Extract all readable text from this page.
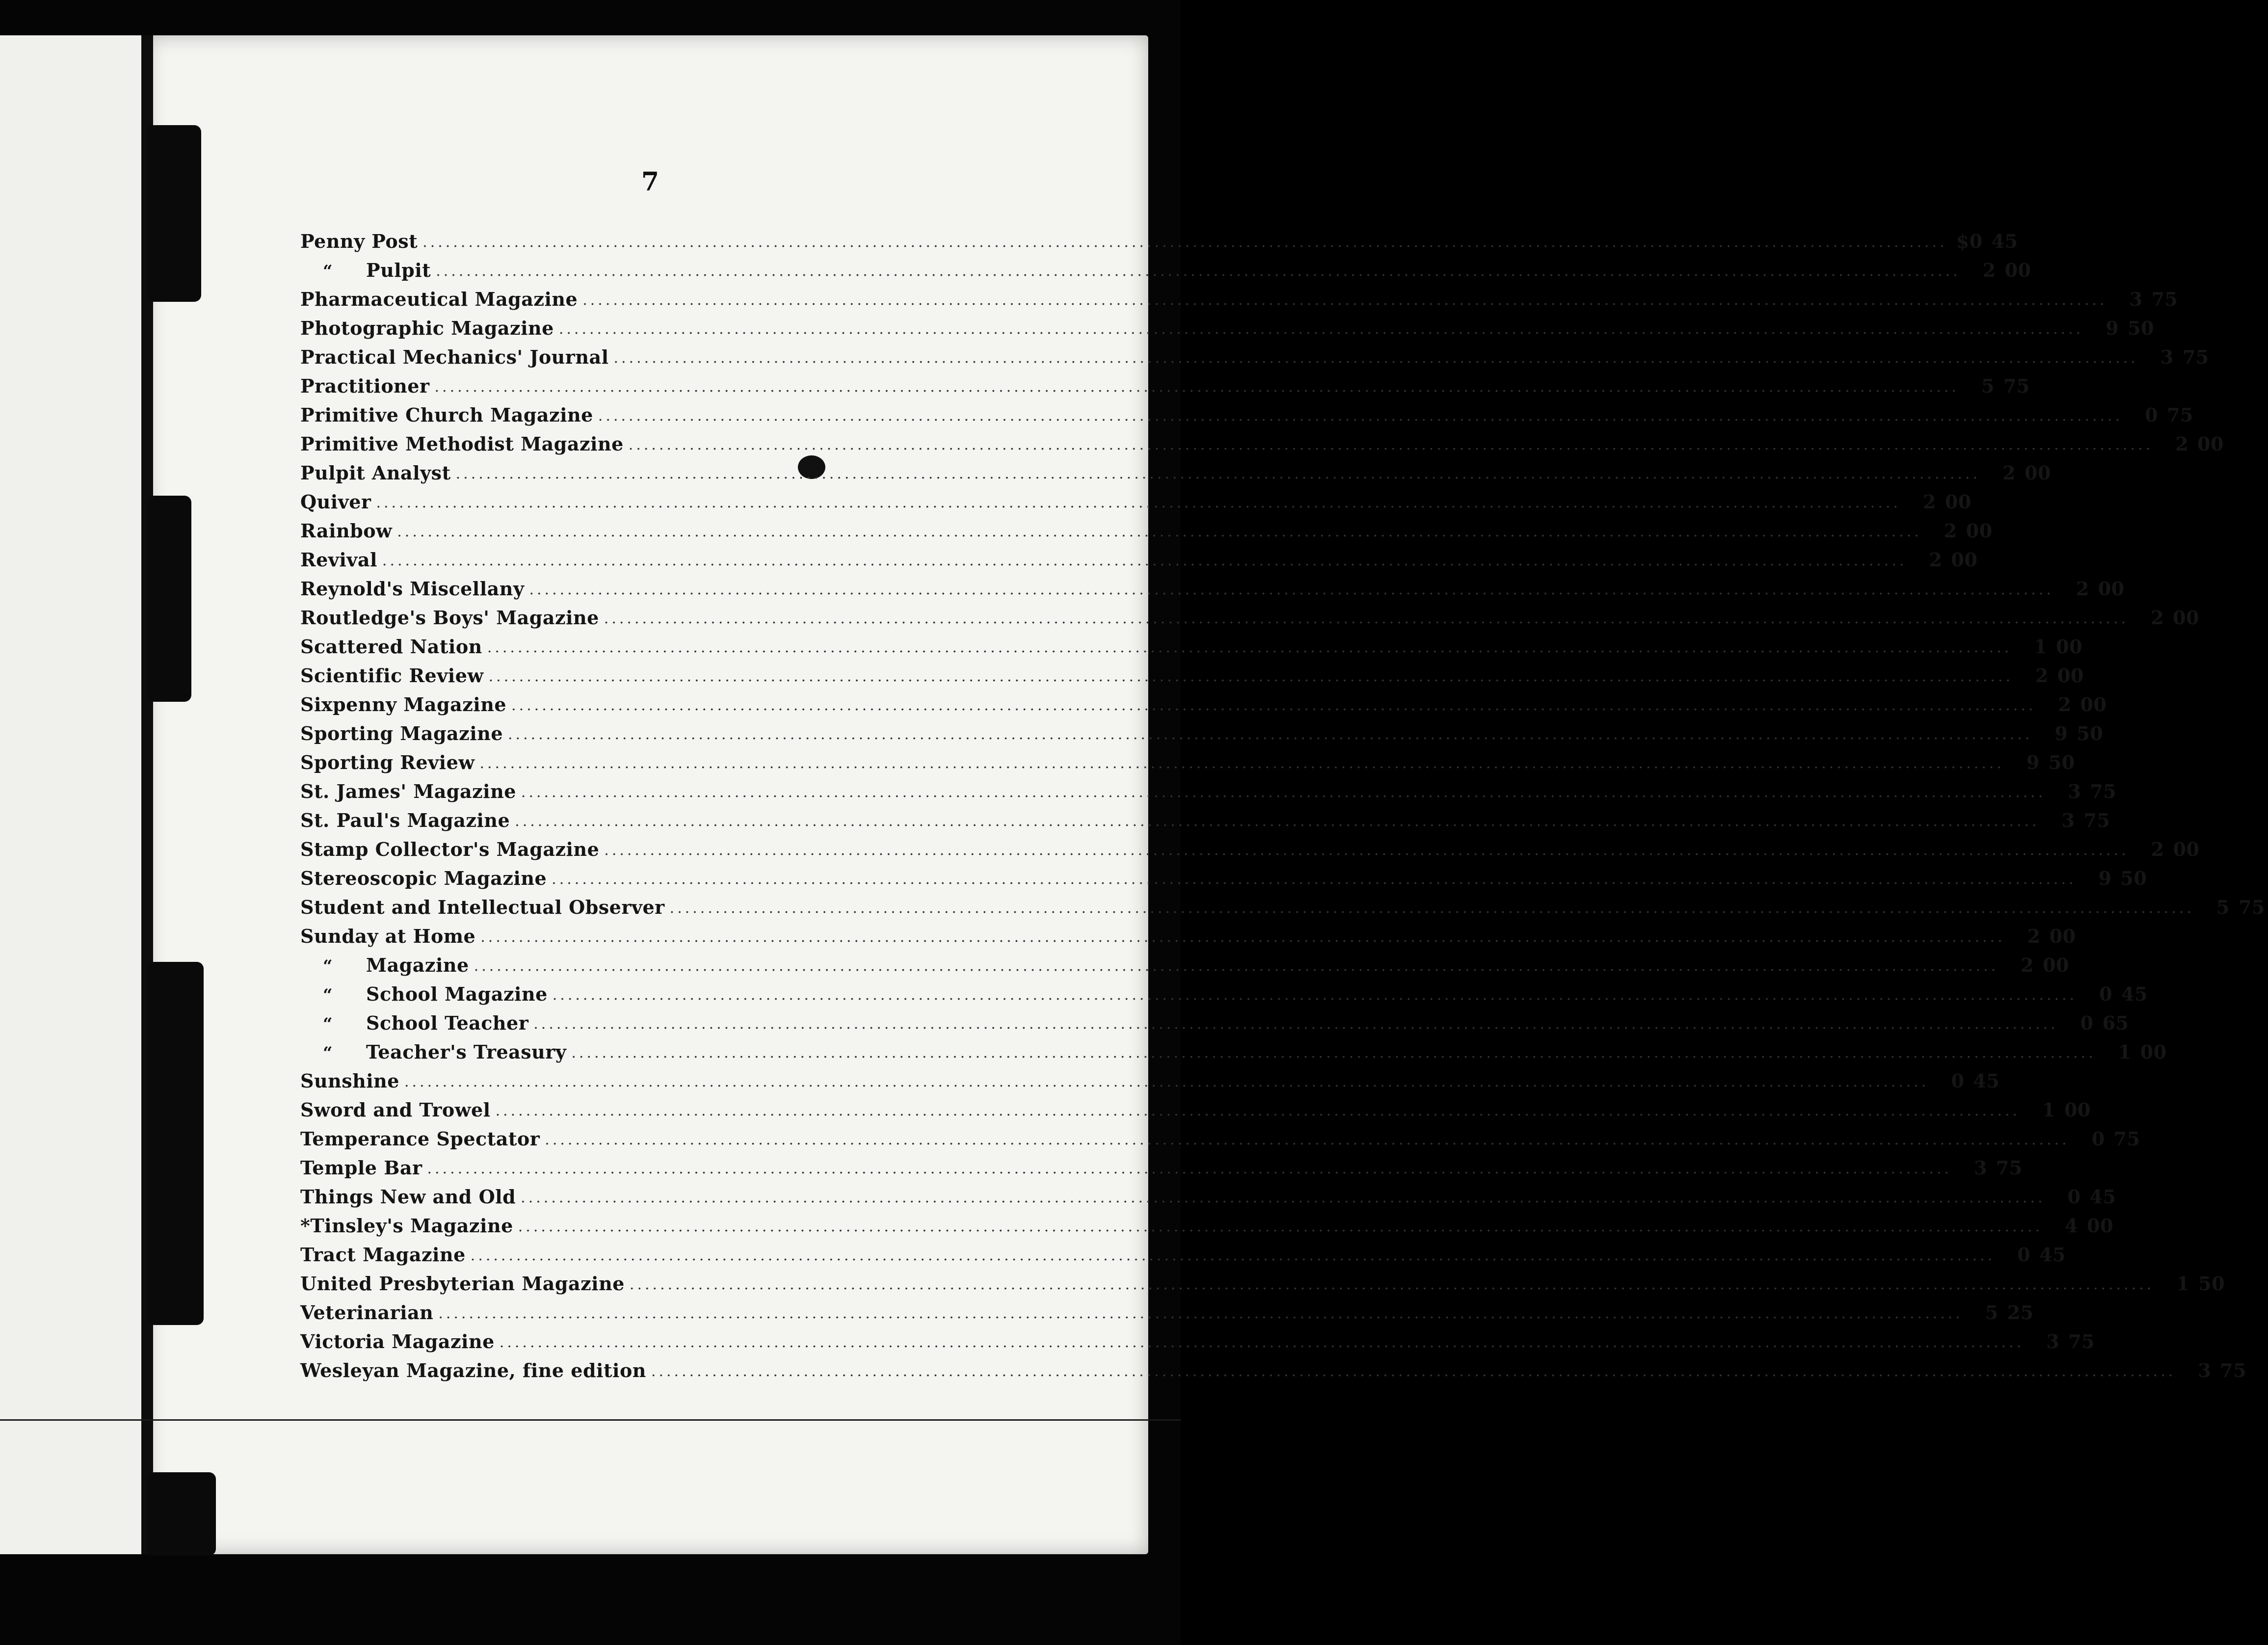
7
Penny Post ........................................................................................................................................................................................................ $0 45
“	Pulpit ........................................................................................................................................................................................................	2 00
Pharmaceutical Magazine ........................................................................................................................................................................................................	3 75
Photographic Magazine ........................................................................................................................................................................................................	9 50
Practical Mechanics' Journal ........................................................................................................................................................................................................	3 75
Practitioner ........................................................................................................................................................................................................	5 75
Primitive Church Magazine ........................................................................................................................................................................................................	0 75
Primitive Methodist Magazine ........................................................................................................................................................................................................	2 00
Pulpit Analyst ........................................................................................................................................................................................................	2 00
Quiver ........................................................................................................................................................................................................	2 00
Rainbow ........................................................................................................................................................................................................	2 00
Revival ........................................................................................................................................................................................................	2 00
Reynold's Miscellany ........................................................................................................................................................................................................	2 00
Routledge's Boys' Magazine ........................................................................................................................................................................................................	2 00
Scattered Nation ........................................................................................................................................................................................................	1 00
Scientific Review ........................................................................................................................................................................................................	2 00
Sixpenny Magazine ........................................................................................................................................................................................................	2 00
Sporting Magazine ........................................................................................................................................................................................................	9 50
Sporting Review ........................................................................................................................................................................................................	9 50
St. James' Magazine ........................................................................................................................................................................................................	3 75
St. Paul's Magazine ........................................................................................................................................................................................................	3 75
Stamp Collector's Magazine ........................................................................................................................................................................................................	2 00
Stereoscopic Magazine ........................................................................................................................................................................................................	9 50
Student and Intellectual Observer ........................................................................................................................................................................................................	5 75
Sunday at Home ........................................................................................................................................................................................................	2 00
“	Magazine ........................................................................................................................................................................................................	2 00
“	School Magazine ........................................................................................................................................................................................................	0 45
“	School Teacher ........................................................................................................................................................................................................	0 65
“	Teacher's Treasury ........................................................................................................................................................................................................	1 00
Sunshine ........................................................................................................................................................................................................	0 45
Sword and Trowel ........................................................................................................................................................................................................	1 00
Temperance Spectator ........................................................................................................................................................................................................	0 75
Temple Bar ........................................................................................................................................................................................................	3 75
Things New and Old ........................................................................................................................................................................................................	0 45
*Tinsley's Magazine ........................................................................................................................................................................................................	4 00
Tract Magazine ........................................................................................................................................................................................................	0 45
United Presbyterian Magazine ........................................................................................................................................................................................................	1 50
Veterinarian ........................................................................................................................................................................................................	5 25
Victoria Magazine ........................................................................................................................................................................................................	3 75
Wesleyan Magazine, fine edition ........................................................................................................................................................................................................	3 75
